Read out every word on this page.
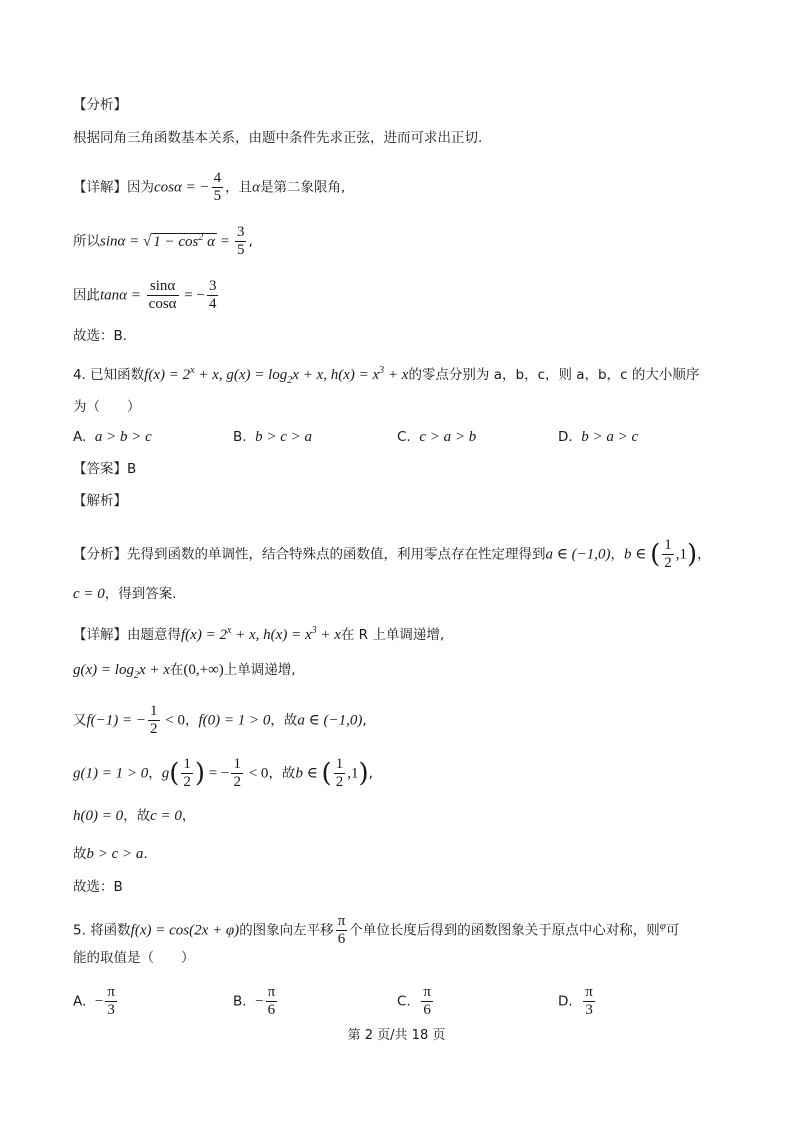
【分析】
根据同角三角函数基本关系，由题中条件先求正弦，进而可求出正切.
【详解】因为cosα = − $\frac{4}{5}$ ，且α是第二象限角,
所以sinα = √ $1 - \cos^2 \alpha = \frac{3}{5}$ ,
因此$\tan\alpha = \frac{\sin\alpha}{\cos\alpha}$ = − $\frac{3}{4}$
故选：B.
4. 已知函数$f(x) = 2^x + x$, $g(x) = \log_2x + x$, $h(x) = x^3 + x$的零点分别为 a，b，c，则 a，b，c 的大小顺序
为（　　）
A. a > b > c	B. b > c > a	C. c > a > b	D. b > a > c
【答案】B
【解析】
【分析】先得到函数的单调性，结合特殊点的函数值，利用零点存在性定理得到a ∈ (−1,0)，b ∈ ( $\frac{1}{2} ,1$)，
c = 0，得到答案.
【详解】由题意得$f(x) = 2^x + x$, $h(x) = x^3 + x$在 R 上单调递增,
$g(x) = \log_2x + x$在(0,+∞)上单调递增,
又f(−1) = − $\frac{1}{2} < 0$，f(0) = 1 > 0，故a ∈ (−1,0),
g(1) = 1 > 0，$g( \frac{1}{2}$ ) = − $\frac{1}{2} < 0$，故b ∈ ( $\frac{1}{2} ,1$),
h(0) = 0，故c = 0，
故b > c > a.
故选：B
5. 将函数f(x) = cos(2x + φ)的图象向左平移 $\frac{\pi}{6}$ 个单位长度后得到的函数图象关于原点中心对称，则$^\varphi$可
能的取值是（　　）
A. − $\frac{\pi}{3}$	B. − $\frac{\pi}{6}$	C. $\frac{\pi}{6}$	D. $\frac{\pi}{3}$
第 2 页/共 18 页
